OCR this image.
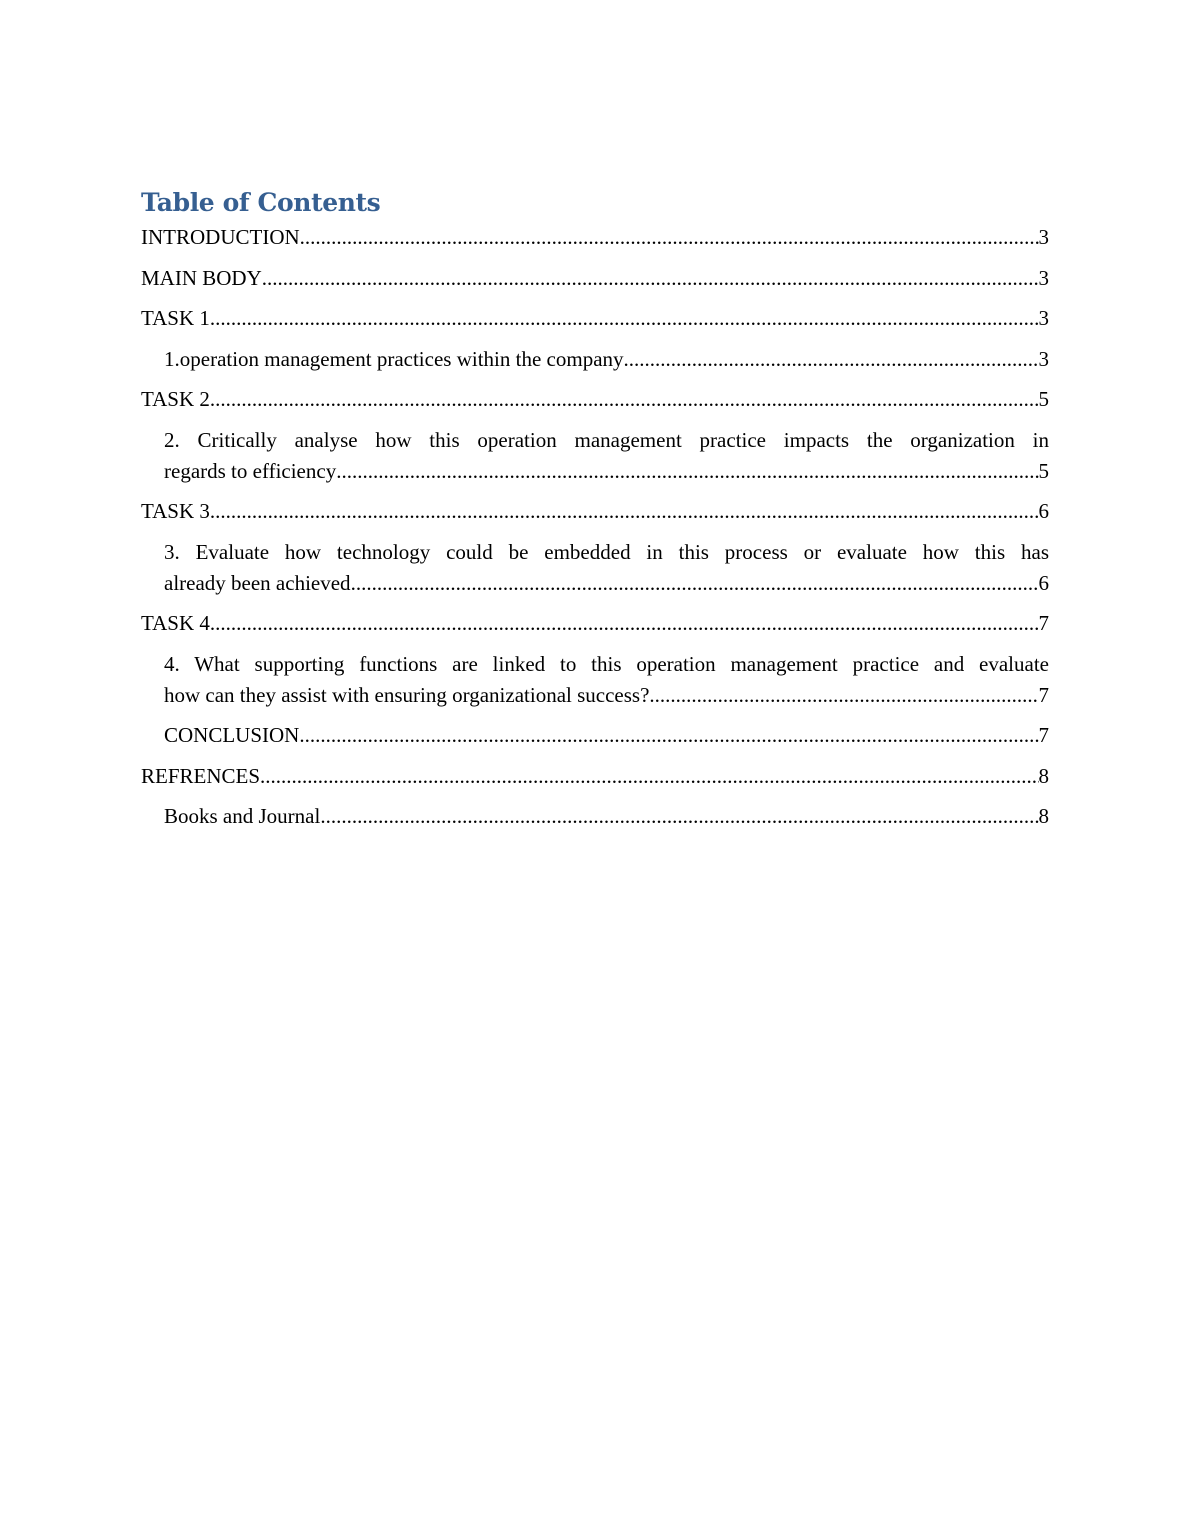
Table of Contents
INTRODUCTION .....	3
MAIN BODY .....	3
TASK 1 .....	3
1.operation management practices within the company .....	3
TASK 2 .....	5
2. Critically analyse how this operation management practice impacts the organization in
regards to efficiency .....	5
TASK 3 .....	6
3. Evaluate how technology could be embedded in this process or evaluate how this has
already been achieved .....	6
TASK 4 .....	7
4. What supporting functions are linked to this operation management practice and evaluate
how can they assist with ensuring organizational success? .....	7
CONCLUSION .....	7
REFRENCES .....	8
Books and Journal .....	8
